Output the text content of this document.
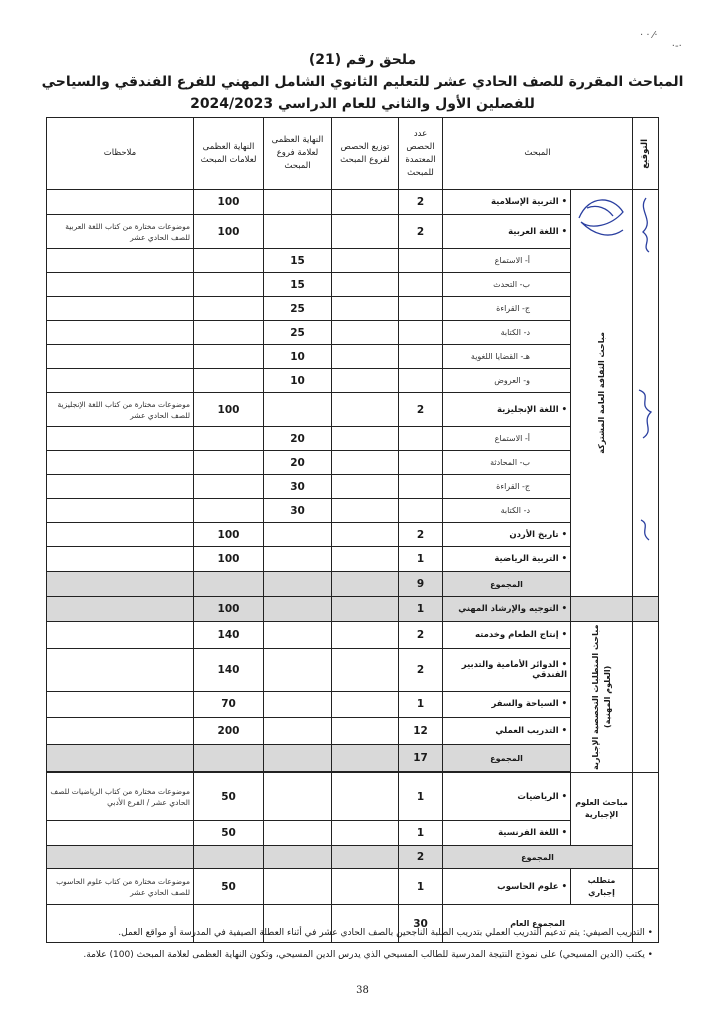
· · ⁄·
·-·
ملحق رقم (21)
المباحث المقررة للصف الحادي عشر للتعليم الثانوي الشامل المهني للفرع الفندقي والسياحي
للفصلين الأول والثاني للعام الدراسي 2024/2023
التوقيع	المبحث		عدد الحصص المعتمدة للمبحث	توزيع الحصص لفروع المبحث	النهاية العظمى لعلامة فروع المبحث	النهاية العظمى لعلامات المبحث	ملاحظات

مباحث الثقافة العامة المشتركة	• التربية الإسلامية	2			100	
		• اللغة العربية	2			100	موضوعات مختارة من كتاب اللغة العربية للصف الحادي عشر
		أ- الاستماع			15		
		ب- التحدث			15		
		ج- القراءة			25		
		د- الكتابة			25		
		هـ- القضايا اللغوية			10		
		و- العروض			10		
		• اللغة الإنجليزية	2			100	موضوعات مختارة من كتاب اللغة الإنجليزية للصف الحادي عشر
		أ- الاستماع			20		
		ب- المحادثة			20		
		ج- القراءة			30		
		د- الكتابة			30		
		• تاريخ الأردن	2			100	
		• التربية الرياضية	1			100	
		المجموع	9				
		• التوجيه والإرشاد المهني	1			100	

	مباحث المتطلبات التخصصية الإجبارية (العلوم المهنية)	• إنتاج الطعام وخدمته	2			140	
		• الدوائر الأمامية والتدبير الفندقي	2			140	
		• السياحة والسفر	1			70	
		• التدريب العملي	12			200	
		المجموع	17				

	مباحث العلوم الإجبارية	• الرياضيات	1			50	موضوعات مختارة من كتاب الرياضيات للصف الحادي عشر / الفرع الأدبي
		• اللغة الفرنسية	1			50	
	المجموع		2				
	متطلب إجباري	• علوم الحاسوب	1			50	موضوعات مختارة من كتاب علوم الحاسوب للصف الحادي عشر
	المجموع العام		30				
• التدريب الصيفي: يتم تدعيم التدريب العملي بتدريب الطلبة الناجحين بالصف الحادي عشر في أثناء العطلة الصيفية في المدرسة أو مواقع العمل.
• يكتب (الدين المسيحي) على نموذج النتيجة المدرسية للطالب المسيحي الذي يدرس الدين المسيحي، وتكون النهاية العظمى لعلامة المبحث (100) علامة.
38
